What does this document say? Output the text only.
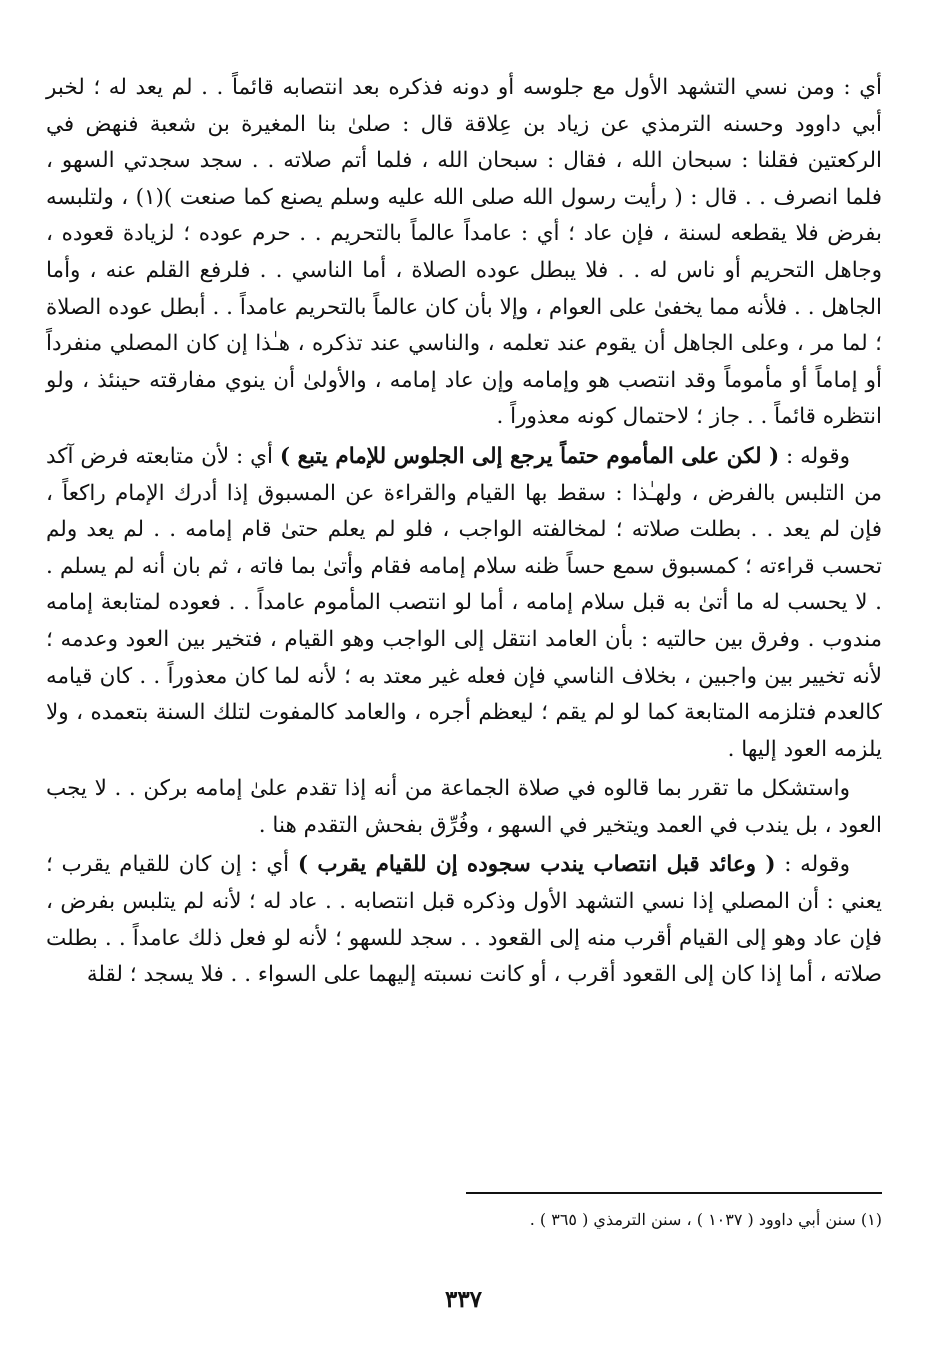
أي : ومن نسي التشهد الأول مع جلوسه أو دونه فذكره بعد انتصابه قائماً . . لم يعد له ؛ لخبر أبي داوود وحسنه الترمذي عن زياد بن عِلاقة قال : صلىٰ بنا المغيرة بن شعبة فنهض في الركعتين فقلنا : سبحان الله ، فقال : سبحان الله ، فلما أتم صلاته . . سجد سجدتي السهو ، فلما انصرف . . قال : ( رأيت رسول الله صلى الله عليه وسلم يصنع كما صنعت )(١) ، ولتلبسه بفرض فلا يقطعه لسنة ، فإن عاد ؛ أي : عامداً عالماً بالتحريم . . حرم عوده ؛ لزيادة قعوده ، وجاهل التحريم أو ناس له . . فلا يبطل عوده الصلاة ، أما الناسي . . فلرفع القلم عنه ، وأما الجاهل . . فلأنه مما يخفىٰ على العوام ، وإلا بأن كان عالماً بالتحريم عامداً . . أبطل عوده الصلاة ؛ لما مر ، وعلى الجاهل أن يقوم عند تعلمه ، والناسي عند تذكره ، هـٰذا إن كان المصلي منفرداً أو إماماً أو مأموماً وقد انتصب هو وإمامه وإن عاد إمامه ، والأولىٰ أن ينوي مفارقته حينئذ ، ولو انتظره قائماً . . جاز ؛ لاحتمال كونه معذوراً .

وقوله : ( لكن على المأموم حتماً يرجع إلى الجلوس للإمام يتبع ) أي : لأن متابعته فرض آكد من التلبس بالفرض ، ولهـٰذا : سقط بها القيام والقراءة عن المسبوق إذا أدرك الإمام راكعاً ، فإن لم يعد . . بطلت صلاته ؛ لمخالفته الواجب ، فلو لم يعلم حتىٰ قام إمامه . . لم يعد ولم تحسب قراءته ؛ كمسبوق سمع حساً ظنه سلام إمامه فقام وأتىٰ بما فاته ، ثم بان أنه لم يسلم . . لا يحسب له ما أتىٰ به قبل سلام إمامه ، أما لو انتصب المأموم عامداً . . فعوده لمتابعة إمامه مندوب . وفرق بين حالتيه : بأن العامد انتقل إلى الواجب وهو القيام ، فتخير بين العود وعدمه ؛ لأنه تخيير بين واجبين ، بخلاف الناسي فإن فعله غير معتد به ؛ لأنه لما كان معذوراً . . كان قيامه كالعدم فتلزمه المتابعة كما لو لم يقم ؛ ليعظم أجره ، والعامد كالمفوت لتلك السنة بتعمده ، ولا يلزمه العود إليها .

واستشكل ما تقرر بما قالوه في صلاة الجماعة من أنه إذا تقدم علىٰ إمامه بركن . . لا يجب العود ، بل يندب في العمد ويتخير في السهو ، وفُرِّق بفحش التقدم هنا .

وقوله : ( وعائد قبل انتصاب يندب سجوده إن للقيام يقرب ) أي : إن كان للقيام يقرب ؛ يعني : أن المصلي إذا نسي التشهد الأول وذكره قبل انتصابه . . عاد له ؛ لأنه لم يتلبس بفرض ، فإن عاد وهو إلى القيام أقرب منه إلى القعود . . سجد للسهو ؛ لأنه لو فعل ذلك عامداً . . بطلت صلاته ، أما إذا كان إلى القعود أقرب ، أو كانت نسبته إليهما على السواء . . فلا يسجد ؛ لقلة

(١) سنن أبي داوود ( ١٠٣٧ ) ، سنن الترمذي ( ٣٦٥ ) .
٣٣٧
